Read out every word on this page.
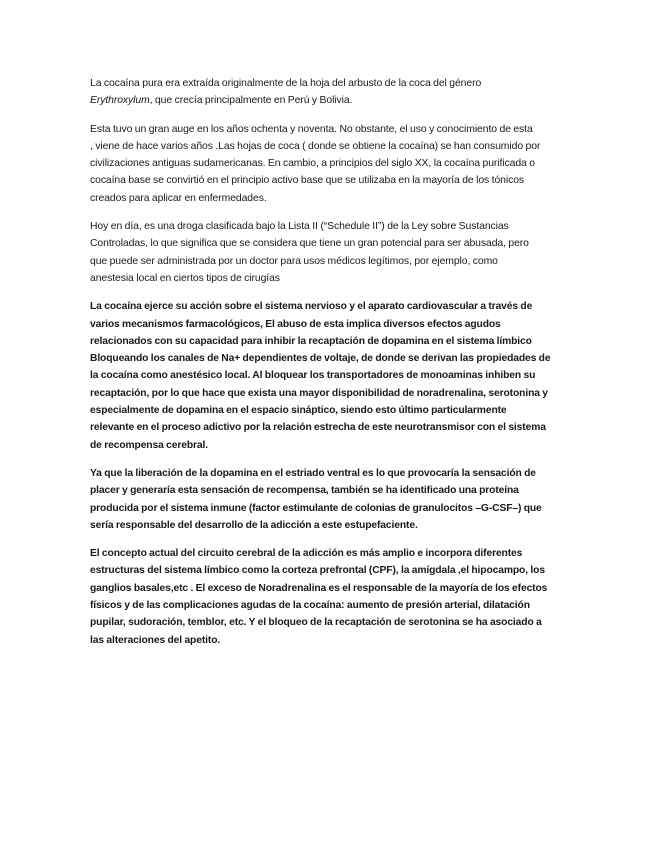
La cocaína pura era extraída originalmente de la hoja del arbusto de la coca del género
Erythroxylum, que crecía principalmente en Perú y Bolivia.

Esta tuvo un gran auge en los años ochenta y noventa. No obstante, el uso y conocimiento de esta
, viene de hace varios años .Las hojas de coca ( donde se obtiene la cocaína) se han consumido por
civilizaciones antiguas sudamericanas. En cambio, a principios del siglo XX, la cocaína purificada o
cocaína base se convirtió en el principio activo base que se utilizaba en la mayoría de los tónicos
creados para aplicar en enfermedades.

Hoy en día, es una droga clasificada bajo la Lista II (“Schedule II”) de la Ley sobre Sustancias
Controladas, lo que significa que se considera que tiene un gran potencial para ser abusada, pero
que puede ser administrada por un doctor para usos médicos legítimos, por ejemplo, como
anestesia local en ciertos tipos de cirugías

La cocaína ejerce su acción sobre el sistema nervioso y el aparato cardiovascular a través de
varios mecanismos farmacológicos, El abuso de esta implica diversos efectos agudos
relacionados con su capacidad para inhibir la recaptación de dopamina en el sistema límbico
Bloqueando los canales de Na+ dependientes de voltaje, de donde se derivan las propiedades de
la cocaína como anestésico local. Al bloquear los transportadores de monoaminas inhiben su
recaptación, por lo que hace que exista una mayor disponibilidad de noradrenalina, serotonina y
especialmente de dopamina en el espacio sináptico, siendo esto último particularmente
relevante en el proceso adictivo por la relación estrecha de este neurotransmisor con el sistema
de recompensa cerebral.

Ya que la liberación de la dopamina en el estriado ventral es lo que provocaría la sensación de
placer y generaría esta sensación de recompensa, también se ha identificado una proteína
producida por el sistema inmune (factor estimulante de colonias de granulocitos –G-CSF–) que
sería responsable del desarrollo de la adicción a este estupefaciente.

El concepto actual del circuito cerebral de la adicción es más amplio e incorpora diferentes
estructuras del sistema límbico como la corteza prefrontal (CPF), la amígdala ,el hipocampo, los
ganglios basales,etc . El exceso de Noradrenalina es el responsable de la mayoría de los efectos
físicos y de las complicaciones agudas de la cocaína: aumento de presión arterial, dilatación
pupilar, sudoración, temblor, etc. Y el bloqueo de la recaptación de serotonina se ha asociado a
las alteraciones del apetito.
